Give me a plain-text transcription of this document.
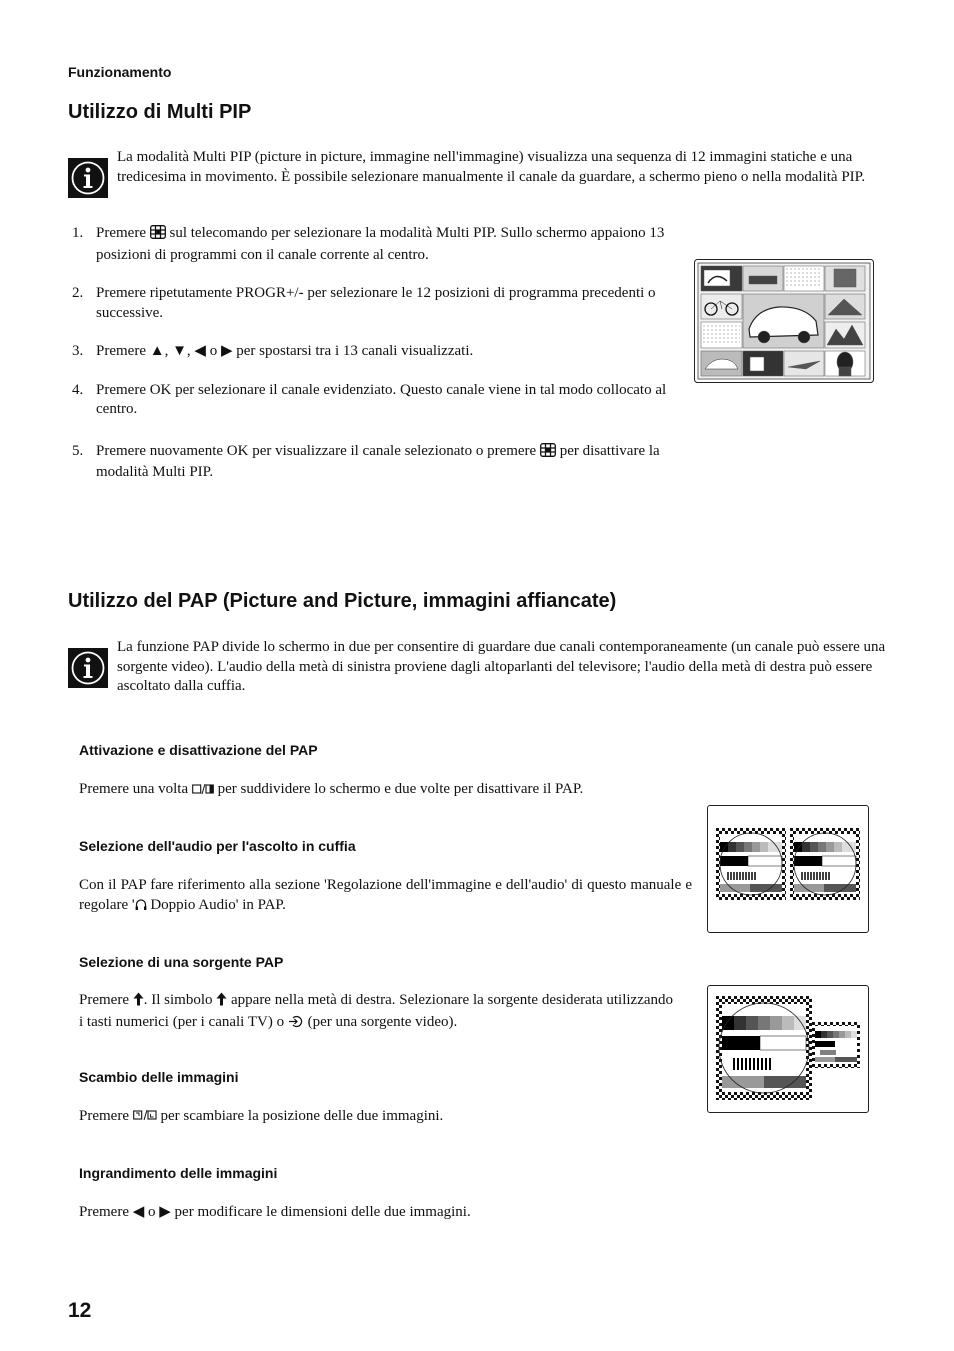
Funzionamento
Utilizzo di Multi PIP
La modalità Multi PIP (picture in picture, immagine nell'immagine) visualizza una sequenza di 12 immagini statiche e una tredicesima in movimento. È possibile selezionare manualmente il canale da guardare, a schermo pieno o nella modalità PIP.
1. Premere sul telecomando per selezionare la modalità Multi PIP. Sullo schermo appaiono 13 posizioni di programmi con il canale corrente al centro.
2. Premere ripetutamente PROGR+/- per selezionare le 12 posizioni di programma precedenti o successive.
3. Premere ▲, ▼, ◀ o ▶ per spostarsi tra i 13 canali visualizzati.
4. Premere OK per selezionare il canale evidenziato. Questo canale viene in tal modo collocato al centro.
5. Premere nuovamente OK per visualizzare il canale selezionato o premere per disattivare la modalità Multi PIP.
Utilizzo del PAP (Picture and Picture, immagini affiancate)
La funzione PAP divide lo schermo in due per consentire di guardare due canali contemporaneamente (un canale può essere una sorgente video). L'audio della metà di sinistra proviene dagli altoparlanti del televisore; l'audio della metà di destra può essere ascoltato dalla cuffia.
Attivazione e disattivazione del PAP
Premere una volta per suddividere lo schermo e due volte per disattivare il PAP.
Selezione dell'audio per l'ascolto in cuffia
Con il PAP fare riferimento alla sezione 'Regolazione dell'immagine e dell'audio' di questo manuale e regolare ' Doppio Audio' in PAP.
Selezione di una sorgente PAP
Premere . Il simbolo appare nella metà di destra. Selezionare la sorgente desiderata utilizzando i tasti numerici (per i canali TV) o (per una sorgente video).
Scambio delle immagini
Premere per scambiare la posizione delle due immagini.
Ingrandimento delle immagini
Premere ◀ o ▶ per modificare le dimensioni delle due immagini.
12
